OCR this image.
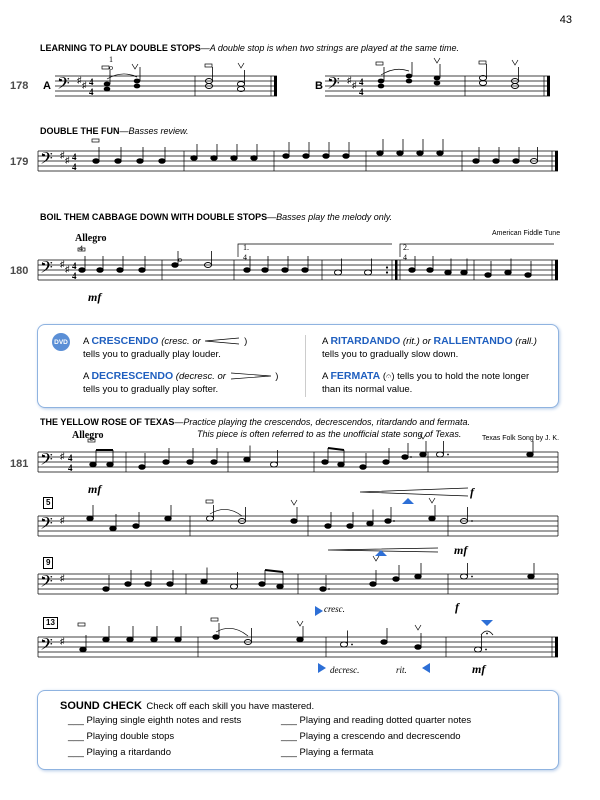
43
LEARNING TO PLAY DOUBLE STOPS—A double stop is when two strings are played at the same time.
178 A	B
1
o
𝄢 ♯ ♯ 4
4	𝄢 ♯ ♯ 4
4
DOUBLE THE FUN—Basses review.
179 𝄢 ♯ ♯ 4
4
BOIL THEM CABBAGE DOWN WITH DOUBLE STOPS—Basses play the melody only.
American Fiddle Tune
Allegro
4
o
1.
4
2.
4
180
mf
𝄢 ♯ ♯ 4
4
DVD A CRESCENDO (cresc. or	)
tells you to gradually play louder.
A DECRESCENDO (decresc. or	)
tells you to gradually play softer.
A RITARDANDO (rit.) or RALLENTANDO (rall.)
tells you to gradually slow down.
A FERMATA (𝄐) tells you to hold the note longer
than its normal value.
THE YELLOW ROSE OF TEXAS—Practice playing the crescendos, decrescendos, ritardando and fermata.
This piece is often referred to as the unofficial state song of Texas.
Allegro	Texas Folk Song by J. K.
181 𝄢 ♯ 4
4
mf	f
5
𝄢 ♯
mf
9
𝄢 ♯
cresc.	f
13
𝄢 ♯
decresc.	rit.	mf
SOUND CHECK Check off each skill you have mastered.
___ Playing single eighth notes and rests
___ Playing double stops
___ Playing a ritardando
___ Playing and reading dotted quarter notes
___ Playing a crescendo and decrescendo
___ Playing a fermata
